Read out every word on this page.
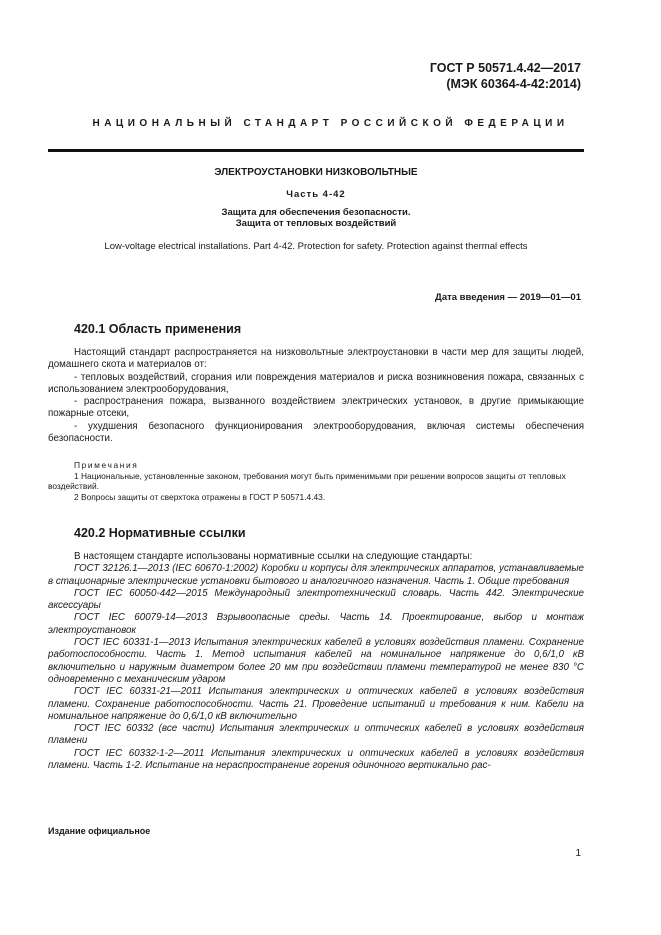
ГОСТ Р 50571.4.42—2017
(МЭК 60364-4-42:2014)
НАЦИОНАЛЬНЫЙ СТАНДАРТ РОССИЙСКОЙ ФЕДЕРАЦИИ
ЭЛЕКТРОУСТАНОВКИ НИЗКОВОЛЬТНЫЕ
Часть 4-42
Защита для обеспечения безопасности.
Защита от тепловых воздействий
Low-voltage electrical installations. Part 4-42. Protection for safety. Protection against thermal effects
Дата введения — 2019—01—01
420.1 Область применения

Настоящий стандарт распространяется на низковольтные электроустановки в части мер для защиты людей, домашнего скота и материалов от:

- тепловых воздействий, сгорания или повреждения материалов и риска возникновения пожара, связанных с использованием электрооборудования,

- распространения пожара, вызванного воздействием электрических установок, в другие примыкающие пожарные отсеки,

- ухудшения безопасного функционирования электрооборудования, включая системы обеспечения безопасности.

Примечания

1 Национальные, установленные законом, требования могут быть применимыми при решении вопросов защиты от тепловых воздействий.

2 Вопросы защиты от сверхтока отражены в ГОСТ Р 50571.4.43.

420.2 Нормативные ссылки

В настоящем стандарте использованы нормативные ссылки на следующие стандарты:

ГОСТ 32126.1—2013 (IEC 60670-1:2002) Коробки и корпусы для электрических аппаратов, устанавливаемые в стационарные электрические установки бытового и аналогичного назначения. Часть 1. Общие требования

ГОСТ IEC 60050-442—2015 Международный электротехнический словарь. Часть 442. Электрические аксессуары

ГОСТ IEC 60079-14—2013 Взрывоопасные среды. Часть 14. Проектирование, выбор и монтаж электроустановок

ГОСТ IEC 60331-1—2013 Испытания электрических кабелей в условиях воздействия пламени. Сохранение работоспособности. Часть 1. Метод испытания кабелей на номинальное напряжение до 0,6/1,0 кВ включительно и наружным диаметром более 20 мм при воздействии пламени температурой не менее 830 °С одновременно с механическим ударом

ГОСТ IEC 60331-21—2011 Испытания электрических и оптических кабелей в условиях воздействия пламени. Сохранение работоспособности. Часть 21. Проведение испытаний и требования к ним. Кабели на номинальное напряжение до 0,6/1,0 кВ включительно

ГОСТ IEC 60332 (все части) Испытания электрических и оптических кабелей в условиях воздействия пламени

ГОСТ IEC 60332-1-2—2011 Испытания электрических и оптических кабелей в условиях воздействия пламени. Часть 1-2. Испытание на нераспространение горения одиночного вертикально рас-

Издание официальное
1
